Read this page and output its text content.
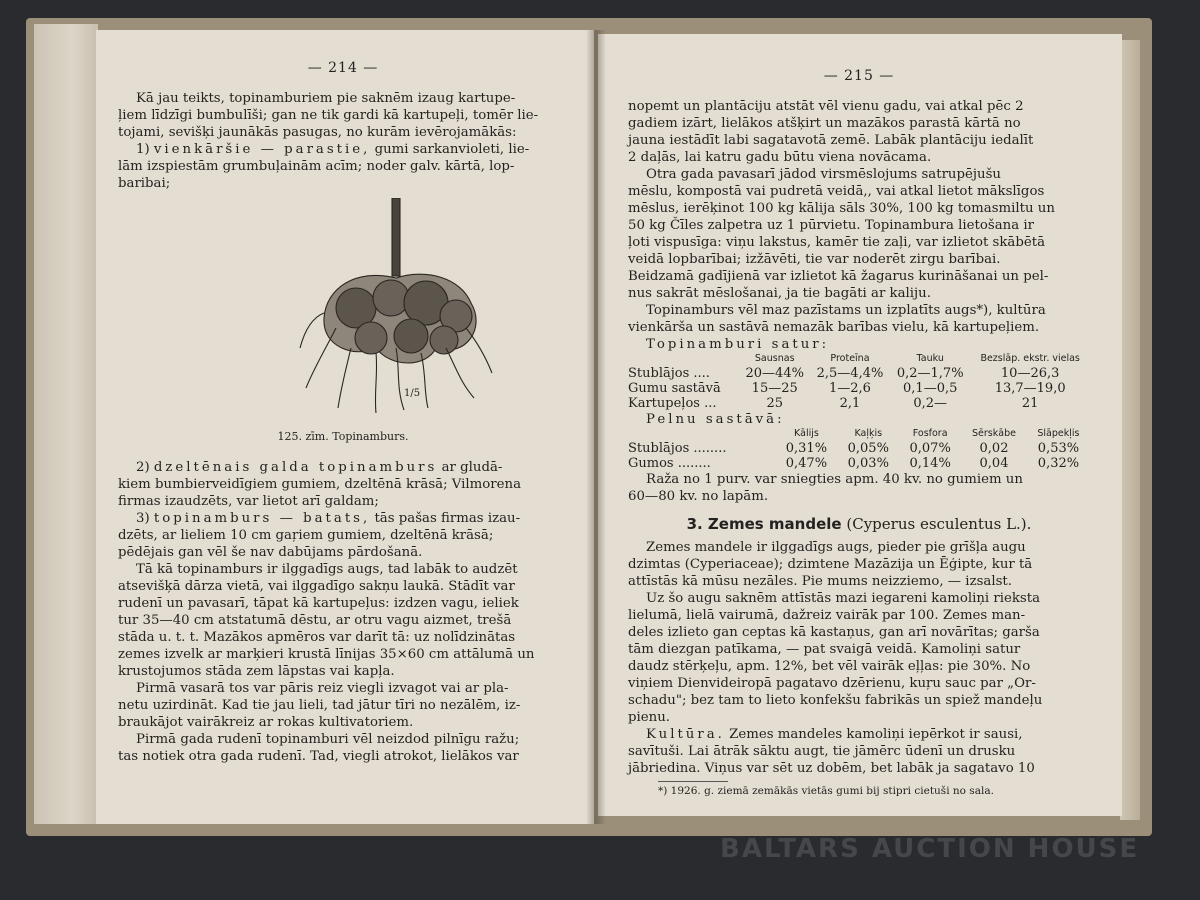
— 214 —

Kā jau teikts, topinamburiem pie saknēm izaug kartupe-

ļiem līdzīgi bumbulīši; gan ne tik gardi kā kartupeļi, tomēr lie-

tojami, sevišķi jaunākās pasugas, no kurām ievērojamākās:

1) vienkāršie — parastie, gumi sarkanvioleti, lie-

lām izspiestām grumbuļainām acīm; noder galv. kārtā, lop-

baribai;

1/5
125. zīm. Topinamburs.

2) dzeltēnais galda topinamburs ar gludā-

kiem bumbierveidīgiem gumiem, dzeltēnā krāsā; Vilmorena

firmas izaudzēts, var lietot arī galdam;

3) topinamburs — batats, tās pašas firmas izau-

dzēts, ar lieliem 10 cm gaŗiem gumiem, dzeltēnā krāsā;

pēdējais gan vēl še nav dabūjams pārdošanā.

Tā kā topinamburs ir ilggadīgs augs, tad labāk to audzēt

atsevišķā dārza vietā, vai ilggadīgo sakņu laukā. Stādīt var

rudenī un pavasarī, tāpat kā kartupeļus: izdzen vagu, ieliek

tur 35—40 cm atstatumā dēstu, ar otru vagu aizmet, trešā

stāda u. t. t. Mazākos apmēros var darīt tā: uz nolīdzinātas

zemes izvelk ar marķieri krustā līnijas 35×60 cm attālumā un

krustojumos stāda zem lāpstas vai kapļa.

Pirmā vasarā tos var pāris reiz viegli izvagot vai ar pla-

netu uzirdināt. Kad tie jau lieli, tad jātur tīri no nezālēm, iz-

braukājot vairākreiz ar rokas kultivatoriem.

Pirmā gada rudenī topinamburi vēl neizdod pilnīgu ražu;

tas notiek otra gada rudenī. Tad, viegli atrokot, lielākos var

— 215 —

nopemt un plantāciju atstāt vēl vienu gadu, vai atkal pēc 2

gadiem izārt, lielākos atšķirt un mazākos parastā kārtā no

jauna iestādīt labi sagatavotā zemē. Labāk plantāciju iedalīt

2 daļās, lai katru gadu būtu viena novācama.

Otra gada pavasarī jādod virsmēslojums satrupējušu

mēslu, kompostā vai pudretā veidā,, vai atkal lietot mākslīgos

mēslus, ierēķinot 100 kg kālija sāls 30%, 100 kg tomasmiltu un

50 kg Čīles zalpetra uz 1 pūrvietu. Topinambura lietošana ir

ļoti vispusīga: viņu lakstus, kamēr tie zaļi, var izlietot skābētā

veidā lopbarībai; izžāvēti, tie var noderēt zirgu barībai.

Beidzamā gadījienā var izlietot kā žagarus kurināšanai un pel-

nus sakrāt mēslošanai, ja tie bagāti ar kaliju.

Topinamburs vēl maz pazīstams un izplatīts augs*), kultūra

vienkārša un sastāvā nemazāk barības vielu, kā kartupeļiem.

Topinamburi satur:

	Sausnas	Proteīna	Tauku	Bezslāp. ekstr. vielas
Stublājos ....	20—44%	2,5—4,4%	0,2—1,7%	10—26,3
Gumu sastāvā	15—25	1—2,6	0,1—0,5	13,7—19,0
Kartupeļos ...	25	2,1	0,2—	21

Pelnu sastāvā:

	Kālijs	Kaļķis	Fosfora	Sērskābe	Slāpekļis
Stublājos ........	0,31%	0,05%	0,07%	0,02	0,53%
Gumos ........	0,47%	0,03%	0,14%	0,04	0,32%

Raža no 1 purv. var sniegties apm. 40 kv. no gumiem un

60—80 kv. no lapām.

3. Zemes mandele (Cyperus esculentus L.).

Zemes mandele ir ilggadīgs augs, pieder pie grīšļa augu

dzimtas (Cyperiaceae); dzimtene Mazāzija un Ēģipte, kur tā

attīstās kā mūsu nezāles. Pie mums neizziemo, — izsalst.

Uz šo augu saknēm attīstās mazi iegareni kamoliņi rieksta

lielumā, lielā vairumā, dažreiz vairāk par 100. Zemes man-

deles izlieto gan ceptas kā kastaņus, gan arī novārītas; garša

tām diezgan patīkama, — pat svaigā veidā. Kamoliņi satur

daudz stērķeļu, apm. 12%, bet vēl vairāk eļļas: pie 30%. No

viņiem Dienvideiropā pagatavo dzērienu, kuŗu sauc par „Or-

schadu"; bez tam to lieto konfekšu fabrikās un spiež mandeļu

pienu.

Kultūra. Zemes mandeles kamoliņi iepērkot ir sausi,

savītuši. Lai ātrāk sāktu augt, tie jāmērc ūdenī un drusku

jābriedina. Viņus var sēt uz dobēm, bet labāk ja sagatavo 10

*) 1926. g. ziemā zemākās vietās gumi bij stipri cietuši no sala.
BALTARS AUCTION HOUSE
